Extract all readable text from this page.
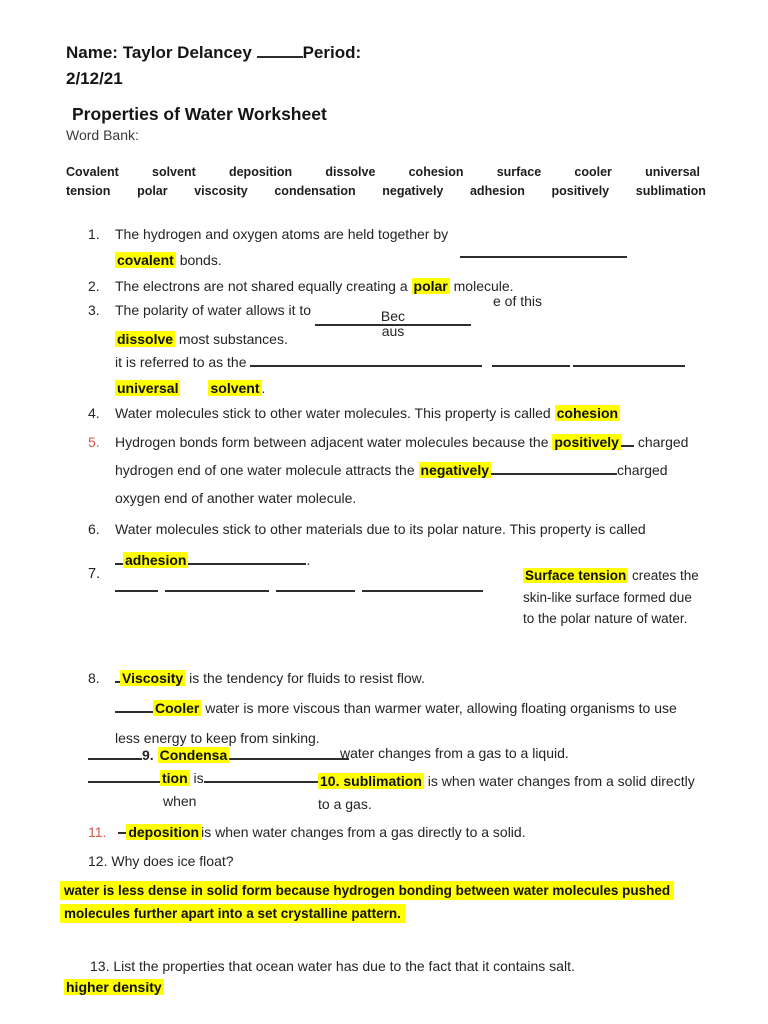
Name: Taylor Delancey	Period:
2/12/21
Properties of Water Worksheet
Word Bank:
Covalent	solvent	deposition	dissolve	cohesion	surface	cooler	universal
tension polar viscosity condensation negatively adhesion positively sublimation
1.	The hydrogen and oxygen atoms are held together by
covalent bonds.
2.	The electrons are not shared equally creating a polar molecule.
3.	The polarity of water allows it to	Bec
aus
e of this
dissolve most substances.
it is referred to as the
universal solvent .
4.	Water molecules stick to other water molecules. This property is called cohesion
5.	Hydrogen bonds form between adjacent water molecules because the positively charged
hydrogen end of one water molecule attracts the negatively	charged
oxygen end of another water molecule.
6.	Water molecules stick to other materials due to its polar nature. This property is called
adhesion	.
7.	Surface tension creates the
skin-like surface formed due
to the polar nature of water.
8.	Viscosity is the tendency for fluids to resist flow.
Cooler water is more viscous than warmer water, allowing floating organisms to use
less energy to keep from sinking.
9. Condensa
tion is
when
water changes from a gas to a liquid.
10. sublimation is when water changes from a solid directly
to a gas.
11. deposition is when water changes from a gas directly to a solid.
12. Why does ice float?
water is less dense in solid form because hydrogen bonding between water molecules pushed
molecules further apart into a set crystalline pattern.
13. List the properties that ocean water has due to the fact that it contains salt.
higher density
